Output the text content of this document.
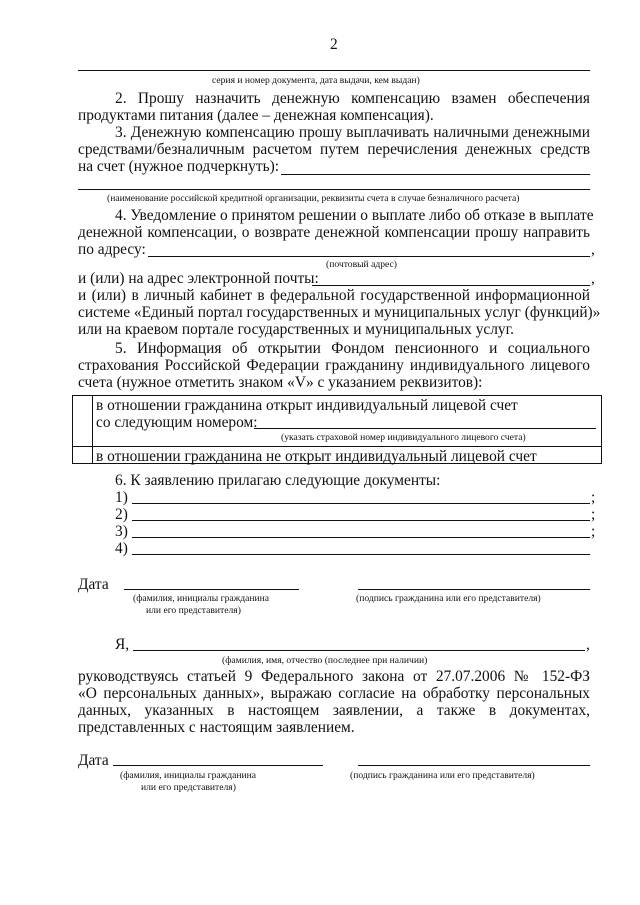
2
серия и номер документа, дата выдачи, кем выдан)
2. Прошу назначить денежную компенсацию взамен обеспечения
продуктами питания (далее – денежная компенсация).
3. Денежную компенсацию прошу выплачивать наличными денежными
средствами/безналичным расчетом путем перечисления денежных средств
на счет (нужное подчеркнуть):
(наименование российской кредитной организации, реквизиты счета в случае безналичного расчета)
4. Уведомление о принятом решении о выплате либо об отказе в выплате
денежной компенсации, о возврате денежной компенсации прошу направить
по адресу:	,
(почтовый адрес)
и (или) на адрес электронной почты:	,
и (или) в личный кабинет в федеральной государственной информационной
системе «Единый портал государственных и муниципальных услуг (функций)»
или на краевом портале государственных и муниципальных услуг.
5. Информация об открытии Фондом пенсионного и социального
страхования Российской Федерации гражданину индивидуального лицевого
счета (нужное отметить знаком «V» с указанием реквизитов):
в отношении гражданина открыт индивидуальный лицевой счет
со следующим номером:
(указать страховой номер индивидуального лицевого счета)
в отношении гражданина не открыт индивидуальный лицевой счет
6. К заявлению прилагаю следующие документы:
1)	;
2)	;
3)	;
4)
Дата
(фамилия, инициалы гражданина
или его представителя)
(подпись гражданина или его представителя)
Я,	,
(фамилия, имя, отчество (последнее при наличии)
руководствуясь статьей 9 Федерального закона от 27.07.2006 № 152-ФЗ
«О персональных данных», выражаю согласие на обработку персональных
данных, указанных в настоящем заявлении, а также в документах,
представленных с настоящим заявлением.
Дата
(фамилия, инициалы гражданина
или его представителя)
(подпись гражданина или его представителя)
